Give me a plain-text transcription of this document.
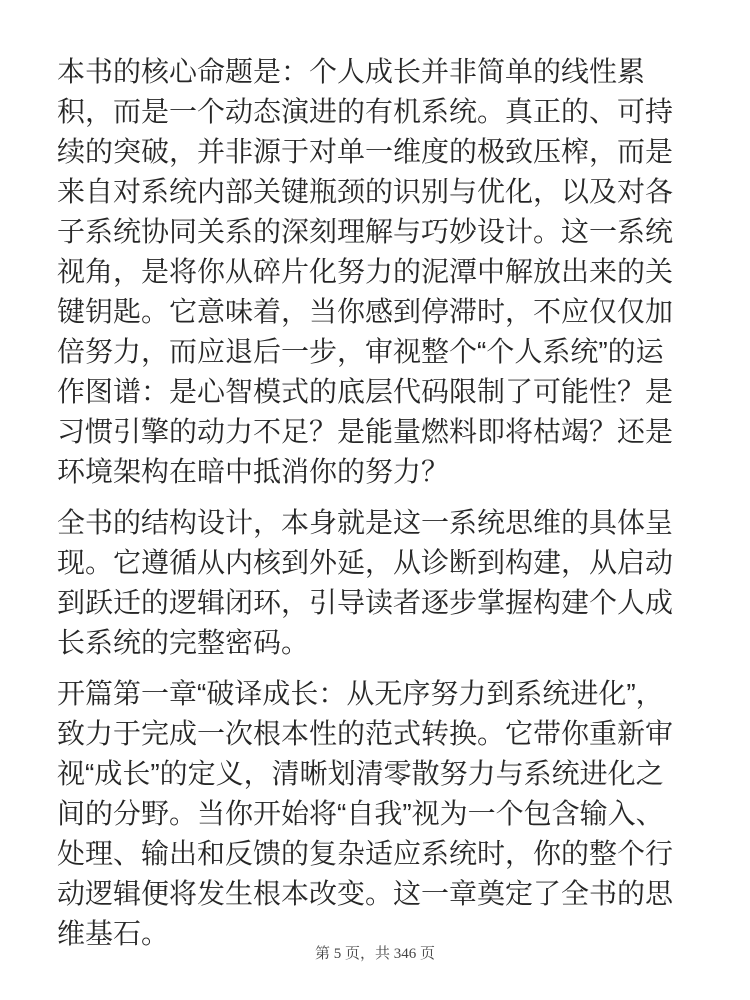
本书的核心命题是：个人成长并非简单的线性累积，而是一个动态演进的有机系统。真正的、可持续的突破，并非源于对单一维度的极致压榨，而是来自对系统内部关键瓶颈的识别与优化，以及对各子系统协同关系的深刻理解与巧妙设计。这一系统视角，是将你从碎片化努力的泥潭中解放出来的关键钥匙。它意味着，当你感到停滞时，不应仅仅加倍努力，而应退后一步，审视整个“个人系统”的运作图谱：是心智模式的底层代码限制了可能性？是习惯引擎的动力不足？是能量燃料即将枯竭？还是环境架构在暗中抵消你的努力？

全书的结构设计，本身就是这一系统思维的具体呈现。它遵循从内核到外延，从诊断到构建，从启动到跃迁的逻辑闭环，引导读者逐步掌握构建个人成长系统的完整密码。

开篇第一章“破译成长：从无序努力到系统进化”，致力于完成一次根本性的范式转换。它带你重新审视“成长”的定义，清晰划清零散努力与系统进化之间的分野。当你开始将“自我”视为一个包含输入、处理、输出和反馈的复杂适应系统时，你的整个行动逻辑便将发生根本改变。这一章奠定了全书的思维基石。

第 5 页，共 346 页
